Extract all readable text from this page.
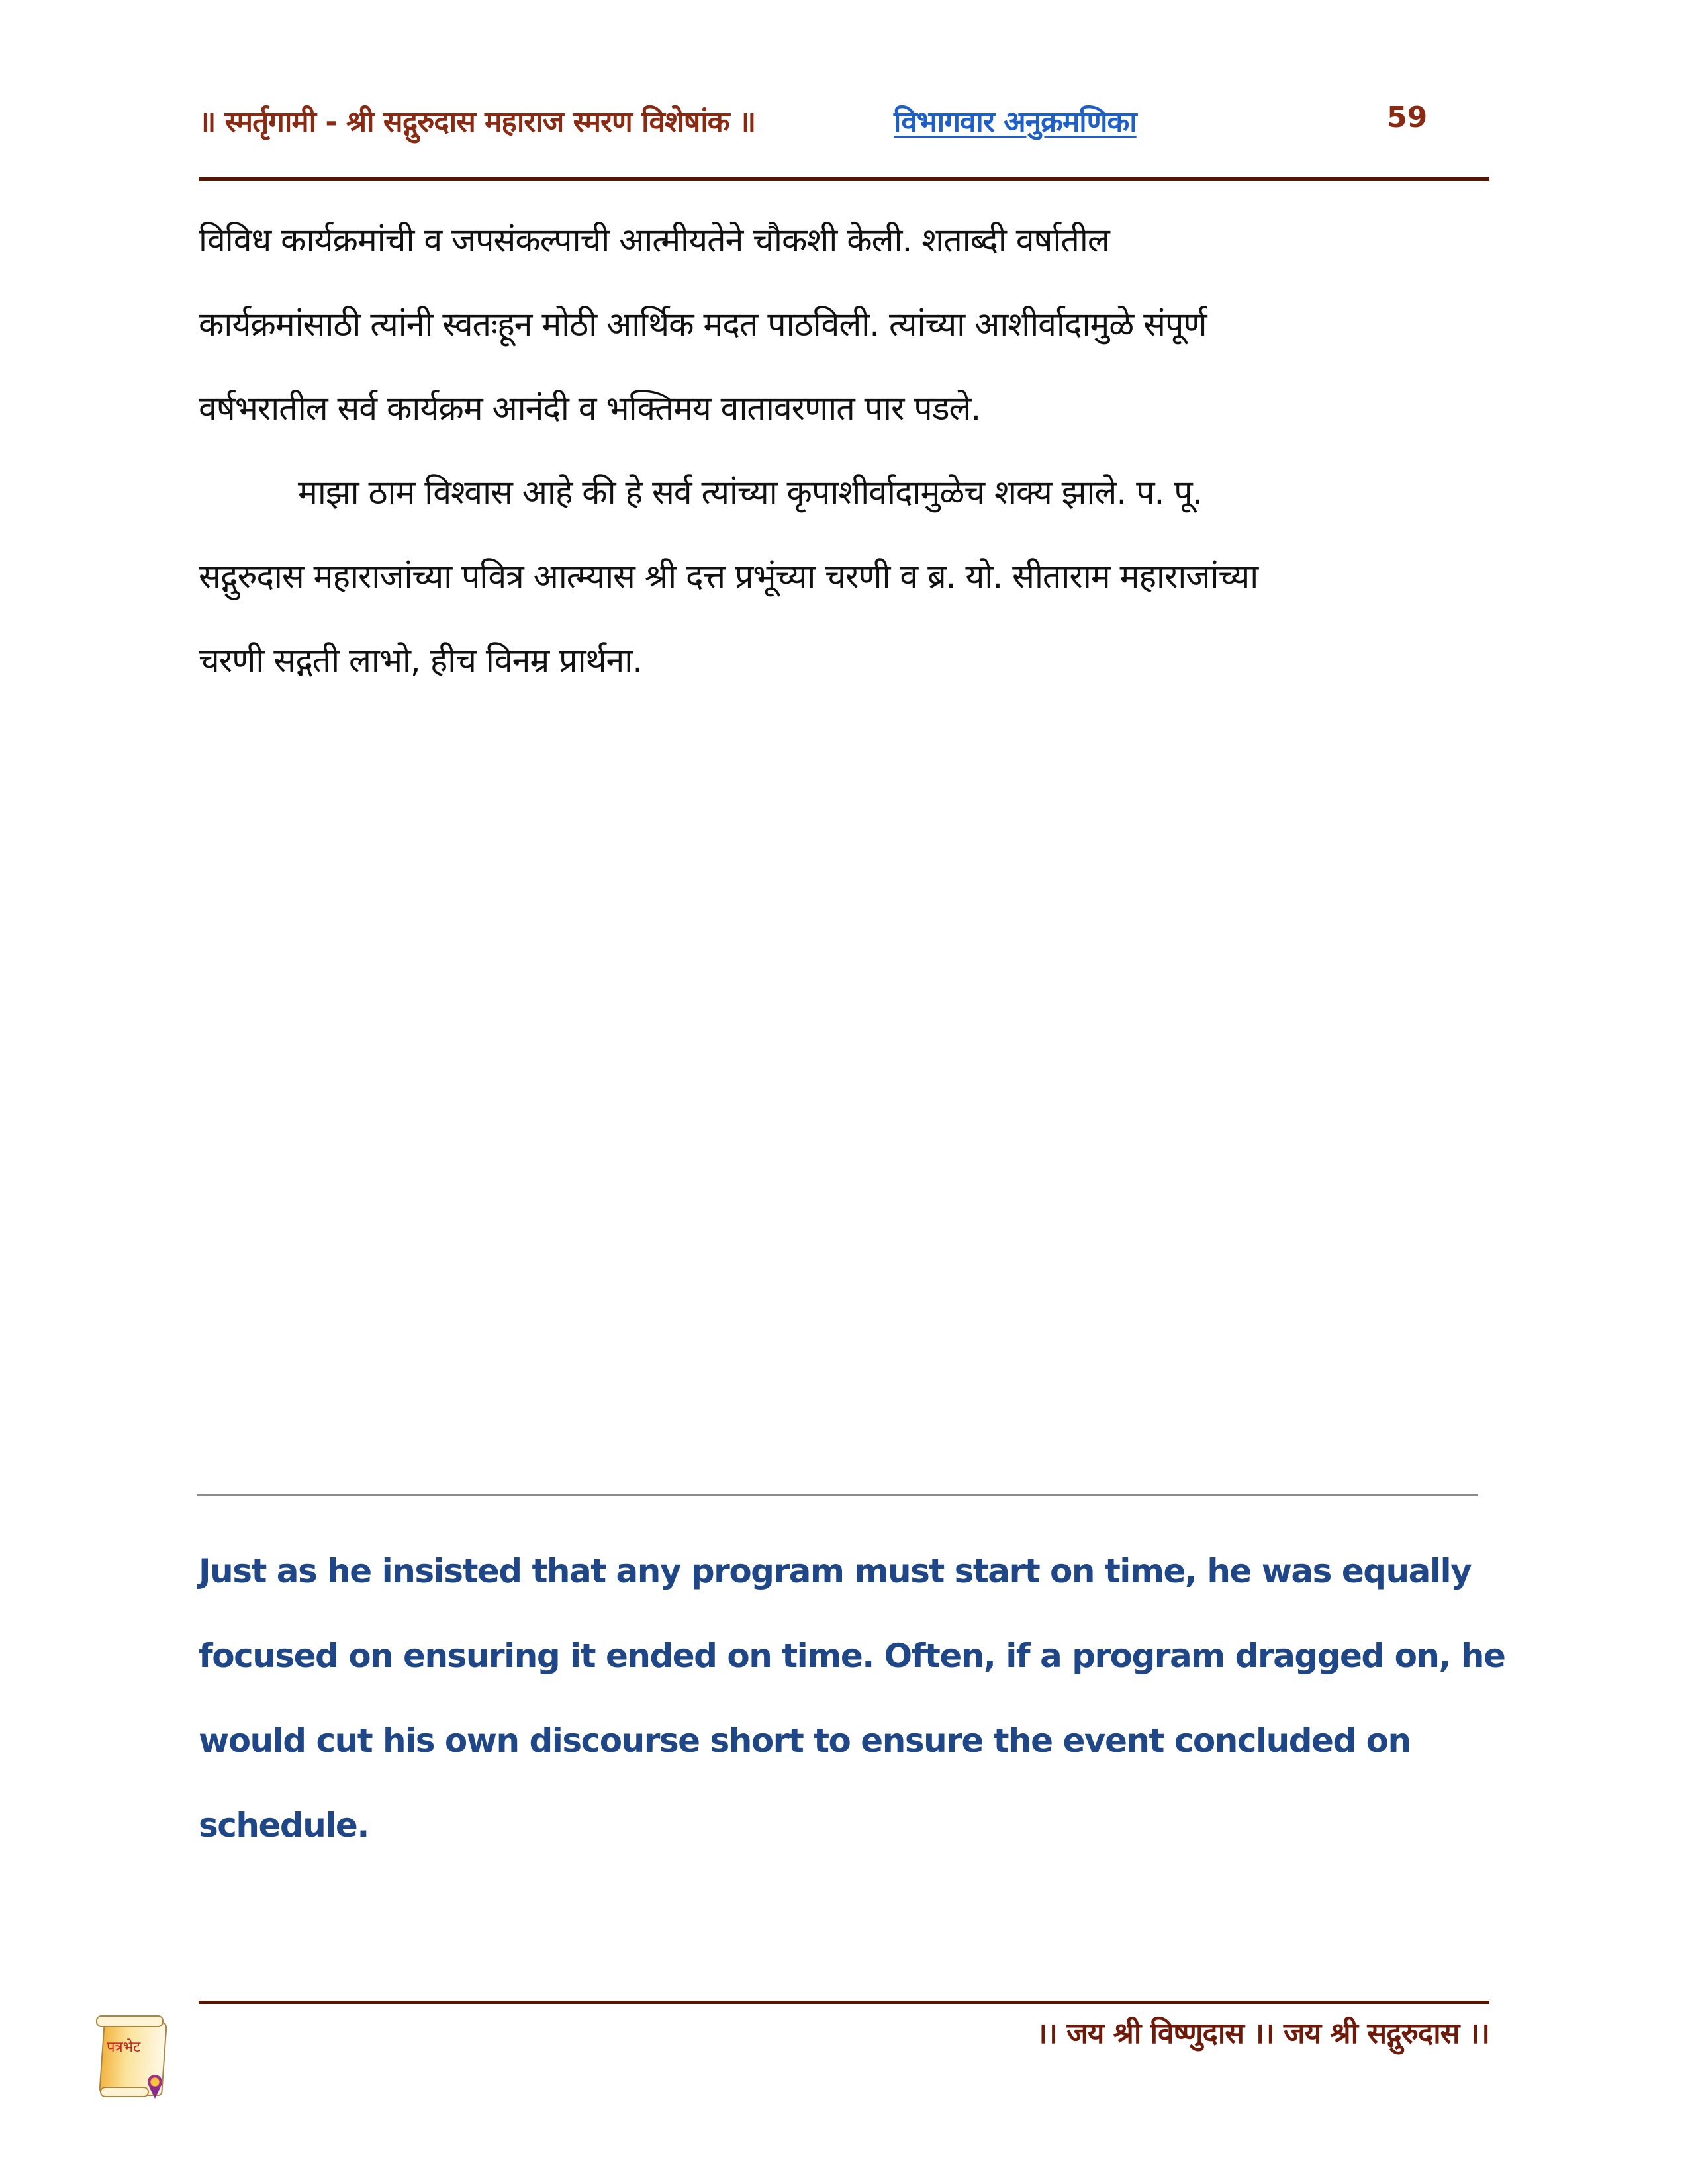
॥ स्मर्तृगामी - श्री सद्गुरुदास महाराज स्मरण विशेषांक ॥	विभागवार अनुक्रमणिका	59
विविध कार्यक्रमांची व जपसंकल्पाची आत्मीयतेने चौकशी केली. शताब्दी वर्षातील
कार्यक्रमांसाठी त्यांनी स्वतःहून मोठी आर्थिक मदत पाठविली. त्यांच्या आशीर्वादामुळे संपूर्ण
वर्षभरातील सर्व कार्यक्रम आनंदी व भक्तिमय वातावरणात पार पडले.
माझा ठाम विश्वास आहे की हे सर्व त्यांच्या कृपाशीर्वादामुळेच शक्य झाले. प. पू.
सद्गुरुदास महाराजांच्या पवित्र आत्म्यास श्री दत्त प्रभूंच्या चरणी व ब्र. यो. सीताराम महाराजांच्या
चरणी सद्गती लाभो, हीच विनम्र प्रार्थना.
Just as he insisted that any program must start on time, he was equally
focused on ensuring it ended on time. Often, if a program dragged on, he
would cut his own discourse short to ensure the event concluded on
schedule.
पत्रभेट	।। जय श्री विष्णुदास ।। जय श्री सद्गुरुदास ।।
